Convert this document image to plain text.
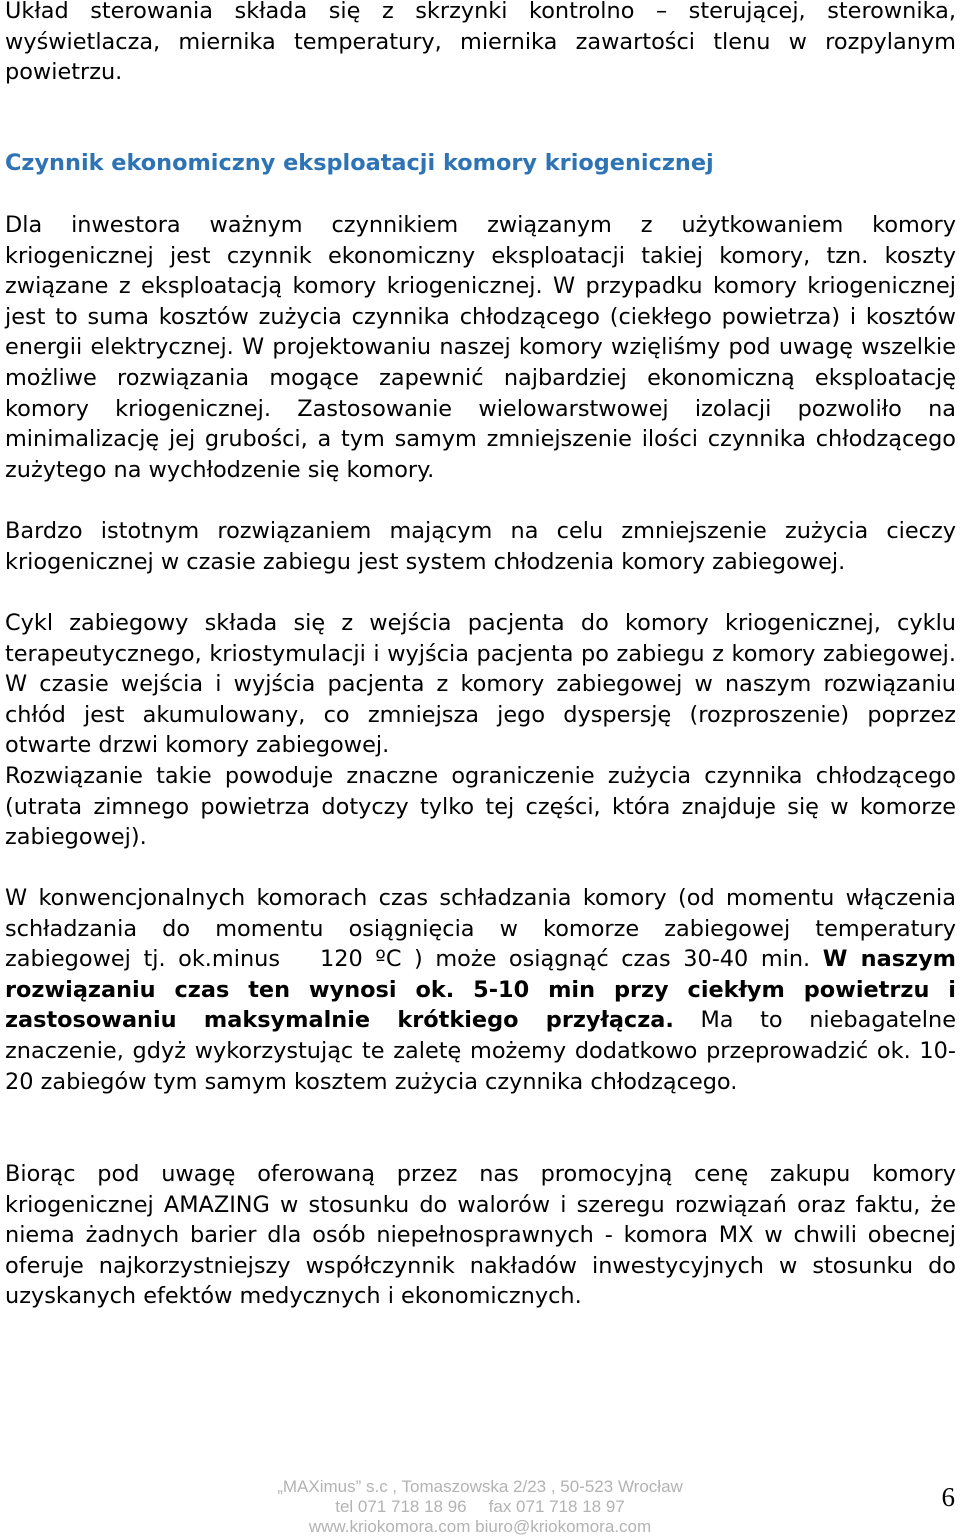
Układ sterowania składa się z skrzynki kontrolno – sterującej, sterownika, wyświetlacza, miernika temperatury, miernika zawartości tlenu w rozpylanym powietrzu.

Czynnik ekonomiczny eksploatacji komory kriogenicznej

Dla inwestora ważnym czynnikiem związanym z użytkowaniem komory kriogenicznej jest czynnik ekonomiczny eksploatacji takiej komory, tzn. koszty związane z eksploatacją komory kriogenicznej. W przypadku komory kriogenicznej jest to suma kosztów zużycia czynnika chłodzącego (ciekłego powietrza) i kosztów energii elektrycznej. W projektowaniu naszej komory wzięliśmy pod uwagę wszelkie możliwe rozwiązania mogące zapewnić najbardziej ekonomiczną eksploatację komory kriogenicznej. Zastosowanie wielowarstwowej izolacji pozwoliło na minimalizację jej grubości, a tym samym zmniejszenie ilości czynnika chłodzącego zużytego na wychłodzenie się komory.

Bardzo istotnym rozwiązaniem mającym na celu zmniejszenie zużycia cieczy kriogenicznej w czasie zabiegu jest system chłodzenia komory zabiegowej.

Cykl zabiegowy składa się z wejścia pacjenta do komory kriogenicznej, cyklu terapeutycznego, kriostymulacji i wyjścia pacjenta po zabiegu z komory zabiegowej. W czasie wejścia i wyjścia pacjenta z komory zabiegowej w naszym rozwiązaniu chłód jest akumulowany, co zmniejsza jego dyspersję (rozproszenie) poprzez otwarte drzwi komory zabiegowej.

Rozwiązanie takie powoduje znaczne ograniczenie zużycia czynnika chłodzącego (utrata zimnego powietrza dotyczy tylko tej części, która znajduje się w komorze zabiegowej).

W konwencjonalnych komorach czas schładzania komory (od momentu włączenia schładzania do momentu osiągnięcia w komorze zabiegowej temperatury zabiegowej tj. ok.minus 120 ºC ) może osiągnąć czas 30-40 min. W naszym rozwiązaniu czas ten wynosi ok. 5-10 min przy ciekłym powietrzu i zastosowaniu maksymalnie krótkiego przyłącza. Ma to niebagatelne znaczenie, gdyż wykorzystując te zaletę możemy dodatkowo przeprowadzić ok. 10-20 zabiegów tym samym kosztem zużycia czynnika chłodzącego.

Biorąc pod uwagę oferowaną przez nas promocyjną cenę zakupu komory kriogenicznej AMAZING w stosunku do walorów i szeregu rozwiązań oraz faktu, że niema żadnych barier dla osób niepełnosprawnych - komora MX w chwili obecnej oferuje najkorzystniejszy współczynnik nakładów inwestycyjnych w stosunku do uzyskanych efektów medycznych i ekonomicznych.

„MAXimus” s.c , Tomaszowska 2/23 , 50-523 Wrocław
tel 071 718 18 96 fax 071 718 18 97
www.kriokomora.com biuro@kriokomora.com
6
